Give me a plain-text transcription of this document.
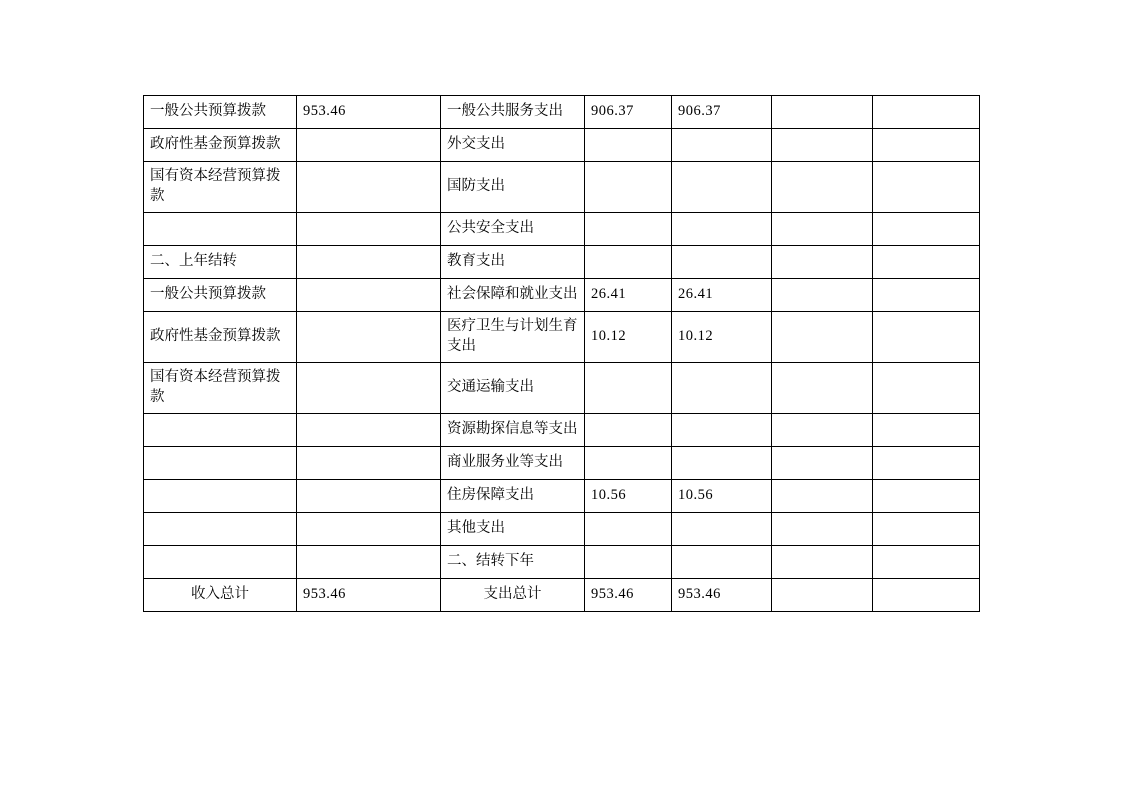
一般公共预算拨款	953.46	一般公共服务支出	906.37	906.37		
政府性基金预算拨款		外交支出				
国有资本经营预算拨款		国防支出				
		公共安全支出				
二、上年结转		教育支出				
一般公共预算拨款		社会保障和就业支出	26.41	26.41		
政府性基金预算拨款		医疗卫生与计划生育支出	10.12	10.12		
国有资本经营预算拨款		交通运输支出				
		资源勘探信息等支出				
		商业服务业等支出				
		住房保障支出	10.56	10.56		
		其他支出				
		二、结转下年				
收入总计	953.46	支出总计	953.46	953.46		
